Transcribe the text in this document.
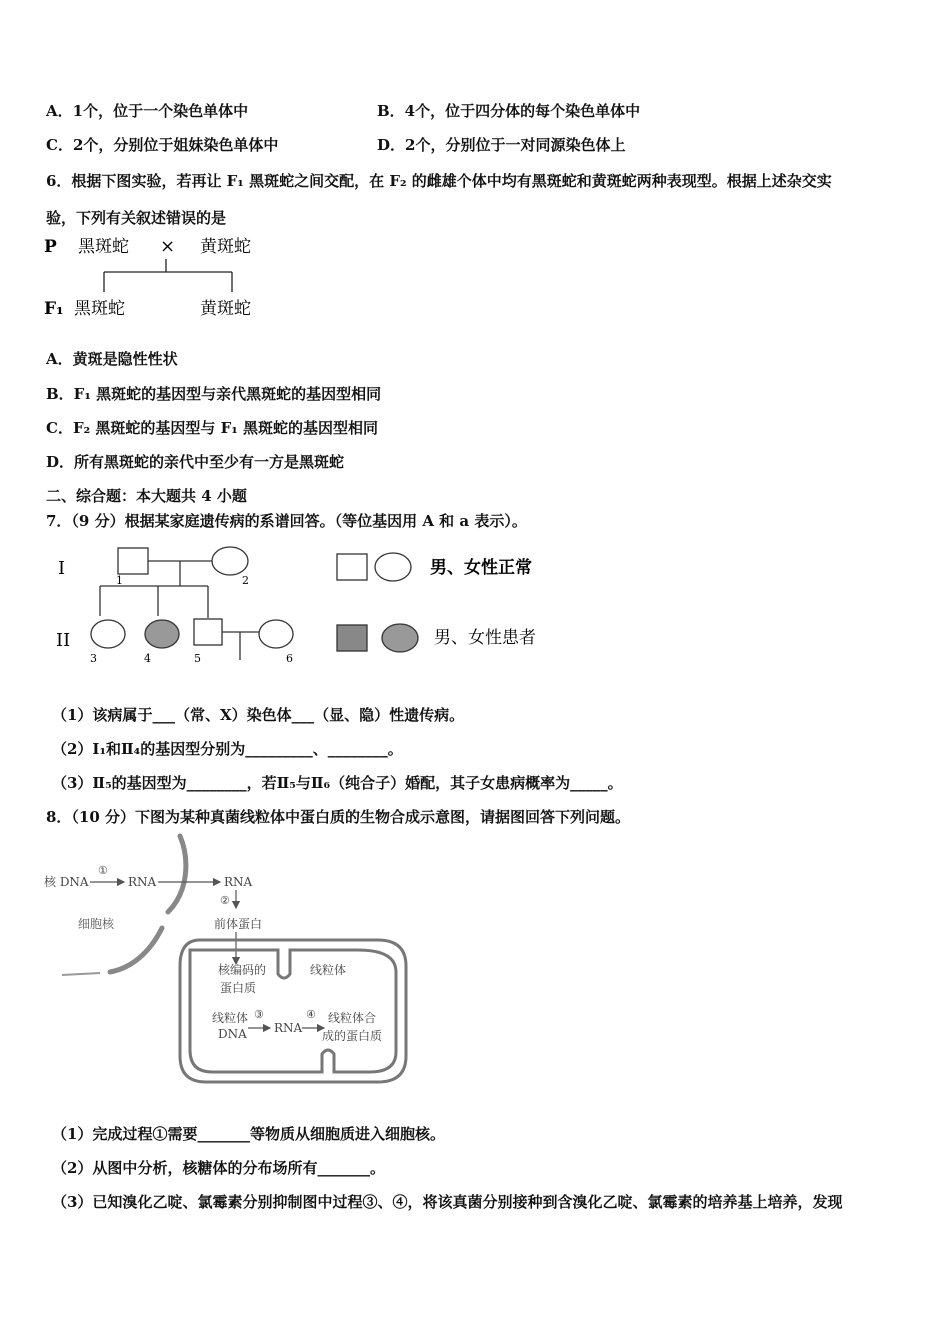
A．1个，位于一个染色单体中	B．4个，位于四分体的每个染色单体中
C．2个，分别位于姐妹染色单体中	D．2个，分别位于一对同源染色体上
6．根据下图实验，若再让 F₁ 黑斑蛇之间交配，在 F₂ 的雌雄个体中均有黑斑蛇和黄斑蛇两种表现型。根据上述杂交实
验，下列有关叙述错误的是
P 黑斑蛇 × 黄斑蛇
F₁ 黑斑蛇	黄斑蛇
A．黄斑是隐性性状
B．F₁ 黑斑蛇的基因型与亲代黑斑蛇的基因型相同
C．F₂ 黑斑蛇的基因型与 F₁ 黑斑蛇的基因型相同
D．所有黑斑蛇的亲代中至少有一方是黑斑蛇
二、综合题：本大题共 4 小题
7．（9 分）根据某家庭遗传病的系谱回答。（等位基因用 A 和 a 表示）。
I
II
1	2
3	4	5	6
男、女性正常
男、女性患者
（1）该病属于___（常、X）染色体___（显、隐）性遗传病。
（2）Ⅰ₁和Ⅱ₄的基因型分别为_________、________。
（3）Ⅱ₅的基因型为________，若Ⅱ₅与Ⅱ₆（纯合子）婚配，其子女患病概率为_____。
8．（10 分）下图为某种真菌线粒体中蛋白质的生物合成示意图，请据图回答下列问题。
核 DNA
①
RNA	RNA
细胞核
②
前体蛋白
核编码的
蛋白质
线粒体
线粒体
DNA
③
RNA
④ 线粒体合
成的蛋白质
（1）完成过程①需要_______等物质从细胞质进入细胞核。
（2）从图中分析，核糖体的分布场所有_______。
（3）已知溴化乙啶、氯霉素分别抑制图中过程③、④，将该真菌分别接种到含溴化乙啶、氯霉素的培养基上培养，发现
